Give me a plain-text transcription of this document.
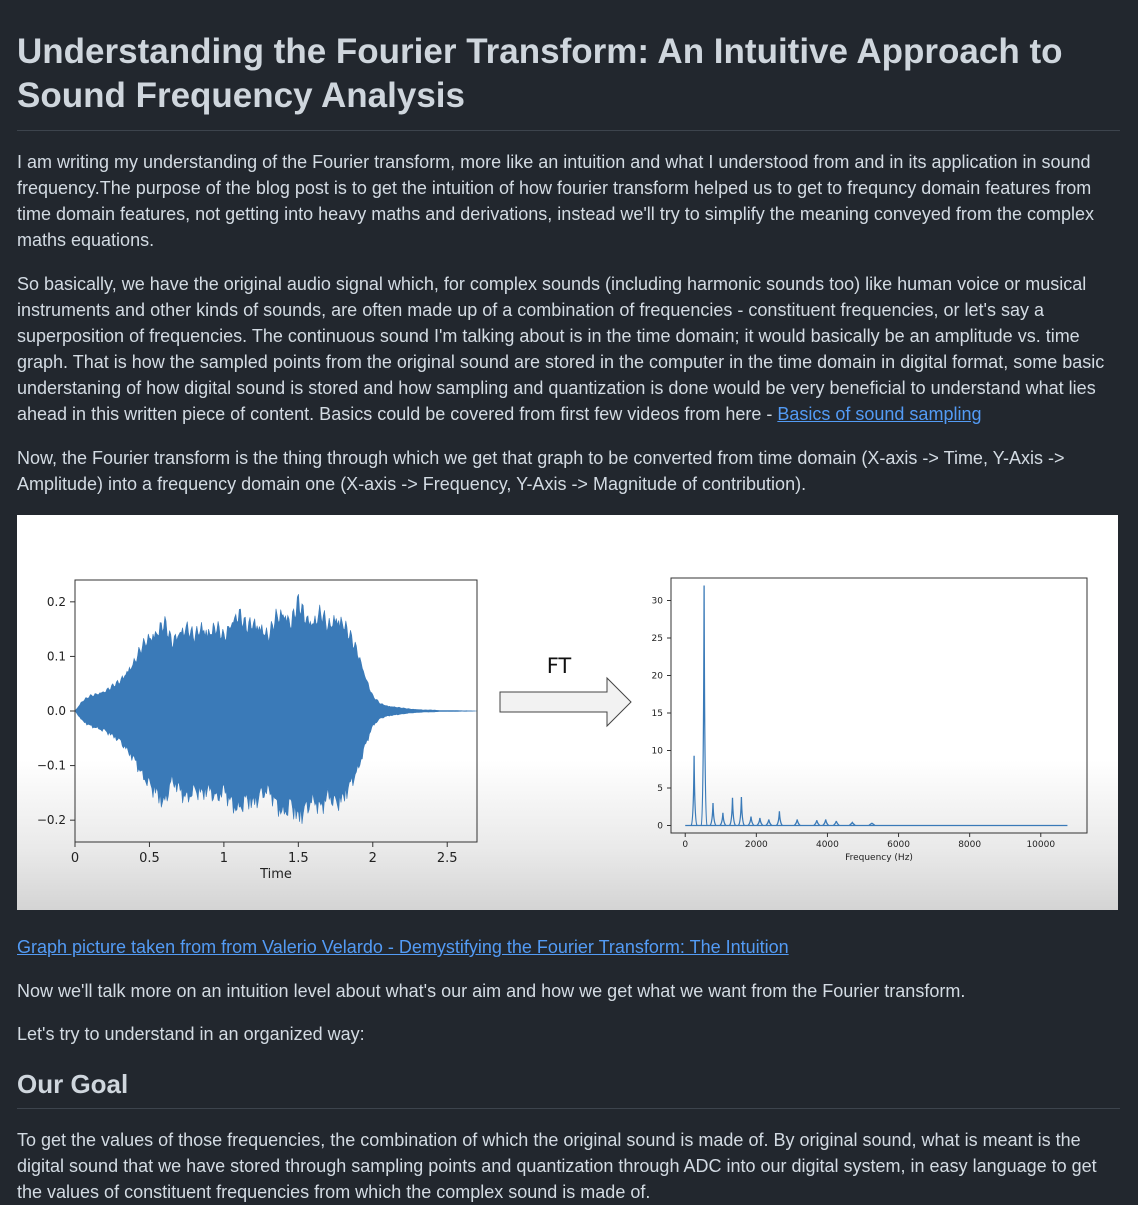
Understanding the Fourier Transform: An Intuitive Approach to Sound Frequency Analysis

I am writing my understanding of the Fourier transform, more like an intuition and what I understood from and in its application in sound frequency.The purpose of the blog post is to get the intuition of how fourier transform helped us to get to frequncy domain features from time domain features, not getting into heavy maths and derivations, instead we'll try to simplify the meaning conveyed from the complex maths equations.

So basically, we have the original audio signal which, for complex sounds (including harmonic sounds too) like human voice or musical instruments and other kinds of sounds, are often made up of a combination of frequencies - constituent frequencies, or let's say a superposition of frequencies. The continuous sound I'm talking about is in the time domain; it would basically be an amplitude vs. time graph. That is how the sampled points from the original sound are stored in the computer in the time domain in digital format, some basic understaning of how digital sound is stored and how sampling and quantization is done would be very beneficial to understand what lies ahead in this written piece of content. Basics could be covered from first few videos from here - Basics of sound sampling

Now, the Fourier transform is the thing through which we get that graph to be converted from time domain (X-axis -> Time, Y-Axis -> Amplitude) into a frequency domain one (X-axis -> Frequency, Y-Axis -> Magnitude of contribution).

0	0.5	1	1.5	2	2.5
0.2
0.1
0.0
−0.1
−0.2
Time
FT
0	2000	4000	6000	8000	10000
0
5
10
15
20
25
30
Frequency (Hz)

Graph picture taken from from Valerio Velardo - Demystifying the Fourier Transform: The Intuition

Now we'll talk more on an intuition level about what's our aim and how we get what we want from the Fourier transform.

Let's try to understand in an organized way:

Our Goal

To get the values of those frequencies, the combination of which the original sound is made of. By original sound, what is meant is the digital sound that we have stored through sampling points and quantization through ADC into our digital system, in easy language to get the values of constituent frequencies from which the complex sound is made of.
